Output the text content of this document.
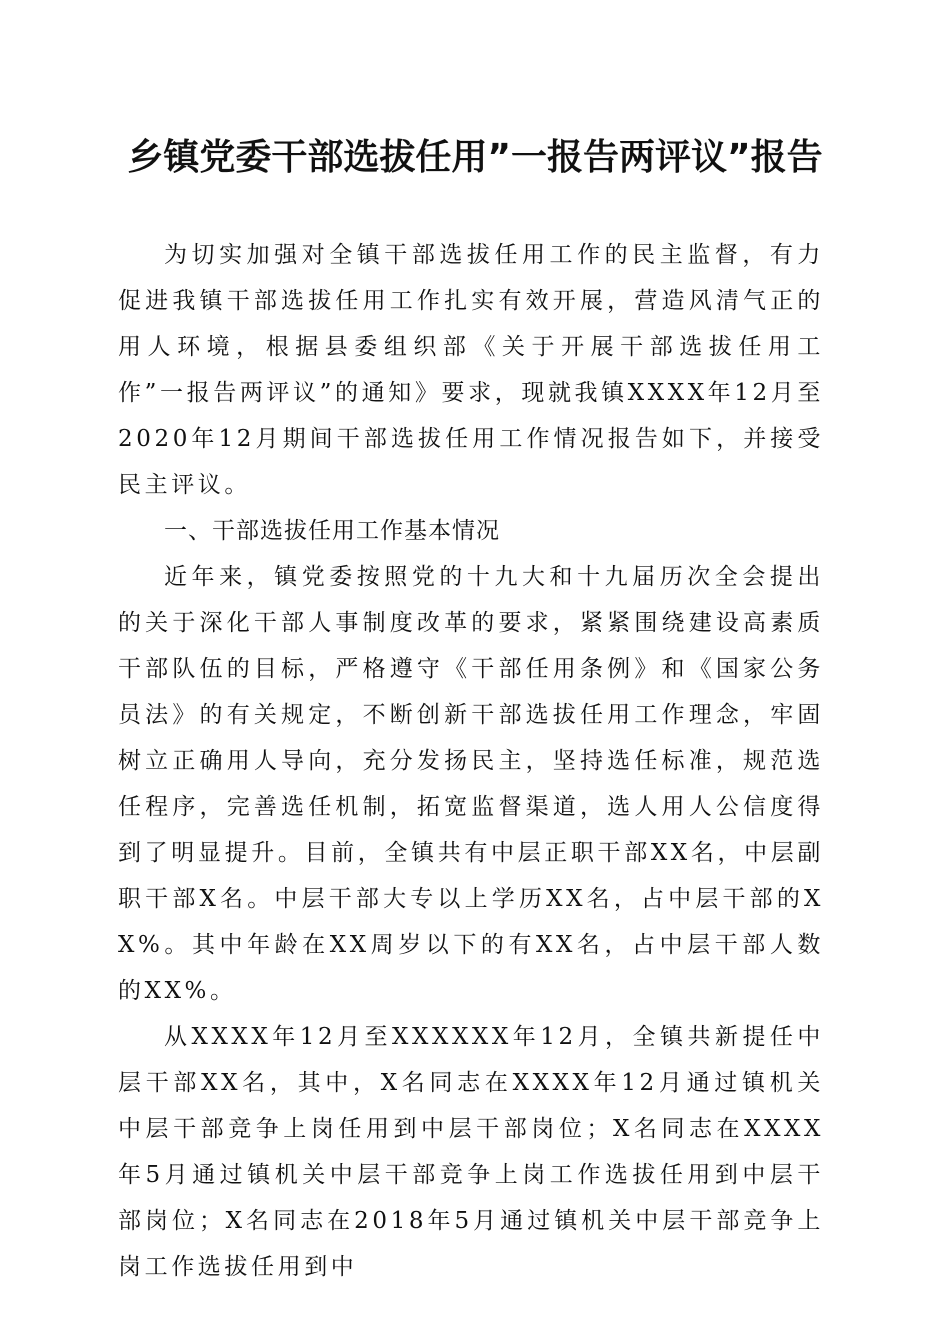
乡镇党委干部选拔任用”一报告两评议”报告

为切实加强对全镇干部选拔任用工作的民主监督，有力促进我镇干部选拔任用工作扎实有效开展，营造风清气正的用人环境，根据县委组织部《关于开展干部选拔任用工作”一报告两评议”的通知》要求，现就我镇XXXX年12月至2020年12月期间干部选拔任用工作情况报告如下，并接受民主评议。

一、干部选拔任用工作基本情况

近年来，镇党委按照党的十九大和十九届历次全会提出的关于深化干部人事制度改革的要求，紧紧围绕建设高素质干部队伍的目标，严格遵守《干部任用条例》和《国家公务员法》的有关规定，不断创新干部选拔任用工作理念，牢固树立正确用人导向，充分发扬民主，坚持选任标准，规范选任程序，完善选任机制，拓宽监督渠道，选人用人公信度得到了明显提升。目前，全镇共有中层正职干部XX名，中层副职干部X名。中层干部大专以上学历XX名，占中层干部的XX%。其中年龄在XX周岁以下的有XX名，占中层干部人数的XX%。

从XXXX年12月至XXXXXX年12月，全镇共新提任中层干部XX名，其中，X名同志在XXXX年12月通过镇机关中层干部竞争上岗任用到中层干部岗位；X名同志在XXXX年5月通过镇机关中层干部竞争上岗工作选拔任用到中层干部岗位；X名同志在2018年5月通过镇机关中层干部竞争上岗工作选拔任用到中
